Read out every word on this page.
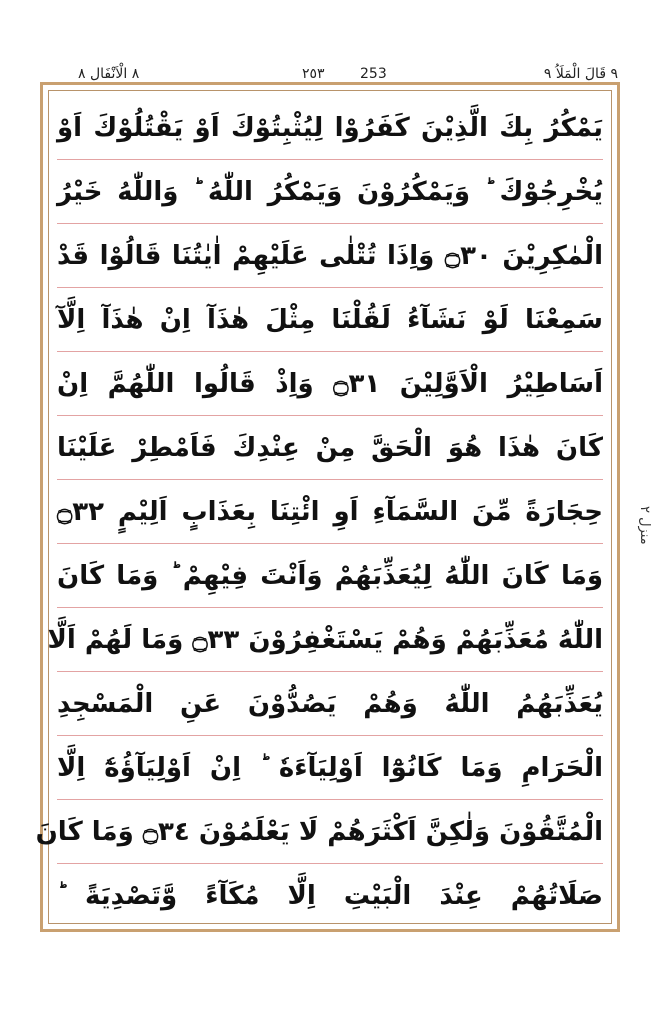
٨ الْاَنْفَال ٨	٢٥٣	253	٩ قَالَ الْمَلَاُ ٩
يَمْكُرُ بِكَ الَّذِيْنَ كَفَرُوْا لِيُثْبِتُوْكَ اَوْ يَقْتُلُوْكَ اَوْ
يُخْرِجُوْكَ ؕ وَيَمْكُرُوْنَ وَيَمْكُرُ اللّٰهُ ؕ وَاللّٰهُ خَيْرُ
الْمٰكِرِيْنَ ۝٣٠ وَاِذَا تُتْلٰى عَلَيْهِمْ اٰيٰتُنَا قَالُوْا قَدْ
سَمِعْنَا لَوْ نَشَآءُ لَقُلْنَا مِثْلَ هٰذَآ اِنْ هٰذَآ اِلَّآ
اَسَاطِيْرُ الْاَوَّلِيْنَ ۝٣١ وَاِذْ قَالُوا اللّٰهُمَّ اِنْ
كَانَ هٰذَا هُوَ الْحَقَّ مِنْ عِنْدِكَ فَاَمْطِرْ عَلَيْنَا
حِجَارَةً مِّنَ السَّمَآءِ اَوِ ائْتِنَا بِعَذَابٍ اَلِيْمٍ ۝٣٢
وَمَا كَانَ اللّٰهُ لِيُعَذِّبَهُمْ وَاَنْتَ فِيْهِمْ ؕ وَمَا كَانَ
اللّٰهُ مُعَذِّبَهُمْ وَهُمْ يَسْتَغْفِرُوْنَ ۝٣٣ وَمَا لَهُمْ اَلَّا
يُعَذِّبَهُمُ اللّٰهُ وَهُمْ يَصُدُّوْنَ عَنِ الْمَسْجِدِ
الْحَرَامِ وَمَا كَانُوْٓا اَوْلِيَآءَهٗ ؕ اِنْ اَوْلِيَآؤُهٗٓ اِلَّا
الْمُتَّقُوْنَ وَلٰكِنَّ اَكْثَرَهُمْ لَا يَعْلَمُوْنَ ۝٣٤ وَمَا كَانَ
صَلَاتُهُمْ عِنْدَ الْبَيْتِ اِلَّا مُكَآءً وَّتَصْدِيَةً ؕ
منزل ٢
